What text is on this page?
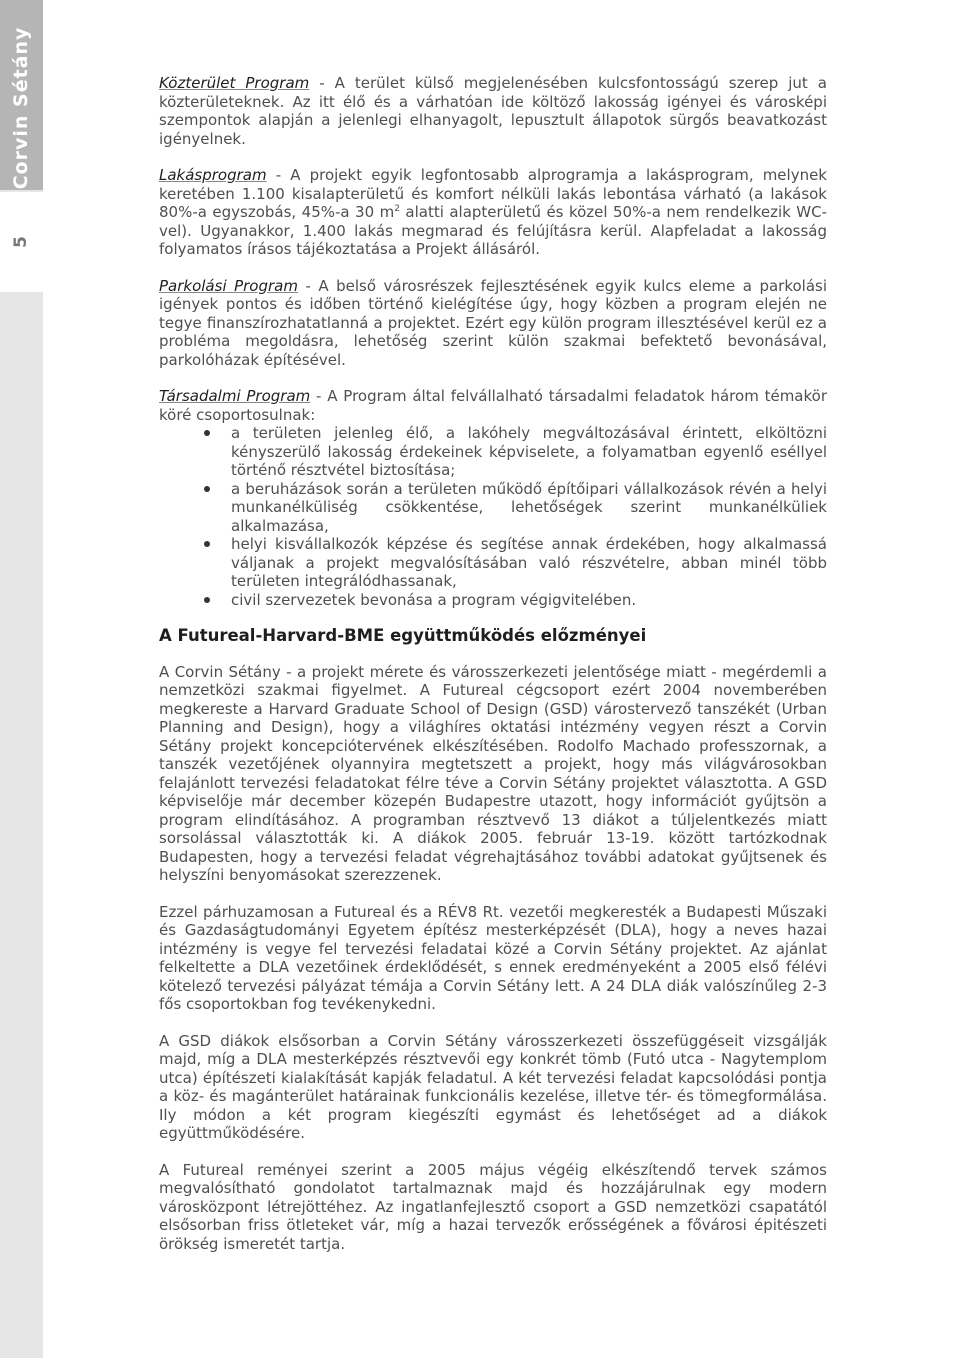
Corvin Sétány
5

Közterület Program - A terület külső megjelenésében kulcsfontosságú szerep jut a közterületeknek. Az itt élő és a várhatóan ide költöző lakosság igényei és városképi szempontok alapján a jelenlegi elhanyagolt, lepusztult állapotok sürgős beavatkozást igényelnek.

Lakásprogram - A projekt egyik legfontosabb alprogramja a lakásprogram, melynek keretében 1.100 kisalapterületű és komfort nélküli lakás lebontása várható (a lakások 80%-a egyszobás, 45%-a 30 $m^2$ alatti alapterületű és közel 50%-a nem rendelkezik WC-vel). Ugyanakkor, 1.400 lakás megmarad és felújításra kerül. Alapfeladat a lakosság folyamatos írásos tájékoztatása a Projekt állásáról.

Parkolási Program - A belső városrészek fejlesztésének egyik kulcs eleme a parkolási igények pontos és időben történő kielégítése úgy, hogy közben a program elején ne tegye finanszírozhatatlanná a projektet. Ezért egy külön program illesztésével kerül ez a probléma megoldásra, lehetőség szerint külön szakmai befektető bevonásával, parkolóházak építésével.

Társadalmi Program - A Program által felvállalható társadalmi feladatok három témakör köré csoportosulnak:

a területen jelenleg élő, a lakóhely megváltozásával érintett, elköltözni kényszerülő lakosság érdekeinek képviselete, a folyamatban egyenlő eséllyel történő résztvétel biztosítása;
a beruházások során a területen működő építőipari vállalkozások révén a helyi munkanélküliség csökkentése, lehetőségek szerint munkanélküliek alkalmazása,
helyi kisvállalkozók képzése és segítése annak érdekében, hogy alkalmassá váljanak a projekt megvalósításában való részvételre, abban minél több területen integrálódhassanak,
civil szervezetek bevonása a program végigvitelében.
A Futureal-Harvard-BME együttműködés előzményei

A Corvin Sétány - a projekt mérete és városszerkezeti jelentősége miatt - megérdemli a nemzetközi szakmai figyelmet. A Futureal cégcsoport ezért 2004 novemberében megkereste a Harvard Graduate School of Design (GSD) várostervező tanszékét (Urban Planning and Design), hogy a világhíres oktatási intézmény vegyen részt a Corvin Sétány projekt koncepciótervének elkészítésében. Rodolfo Machado professzornak, a tanszék vezetőjének olyannyira megtetszett a projekt, hogy más világvárosokban felajánlott tervezési feladatokat félre téve a Corvin Sétány projektet választotta. A GSD képviselője már december közepén Budapestre utazott, hogy információt gyűjtsön a program elindításához. A programban résztvevő 13 diákot a túljelentkezés miatt sorsolással választották ki. A diákok 2005. február 13-19. között tartózkodnak Budapesten, hogy a tervezési feladat végrehajtásához további adatokat gyűjtsenek és helyszíni benyomásokat szerezzenek.

Ezzel párhuzamosan a Futureal és a RÉV8 Rt. vezetői megkeresték a Budapesti Műszaki és Gazdaságtudományi Egyetem építész mesterképzését (DLA), hogy a neves hazai intézmény is vegye fel tervezési feladatai közé a Corvin Sétány projektet. Az ajánlat felkeltette a DLA vezetőinek érdeklődését, s ennek eredményeként a 2005 első félévi kötelező tervezési pályázat témája a Corvin Sétány lett. A 24 DLA diák valószínűleg 2-3 fős csoportokban fog tevékenykedni.

A GSD diákok elsősorban a Corvin Sétány városszerkezeti összefüggéseit vizsgálják majd, míg a DLA mesterképzés résztvevői egy konkrét tömb (Futó utca - Nagytemplom utca) építészeti kialakítását kapják feladatul. A két tervezési feladat kapcsolódási pontja a köz- és magánterület határainak funkcionális kezelése, illetve tér- és tömegformálása. Ily módon a két program kiegészíti egymást és lehetőséget ad a diákok együttműködésére.

A Futureal reményei szerint a 2005 május végéig elkészítendő tervek számos megvalósítható gondolatot tartalmaznak majd és hozzájárulnak egy modern városközpont létrejöttéhez. Az ingatlanfejlesztő csoport a GSD nemzetközi csapatától elsősorban friss ötleteket vár, míg a hazai tervezők erősségének a fővárosi épitészeti örökség ismeretét tartja.
